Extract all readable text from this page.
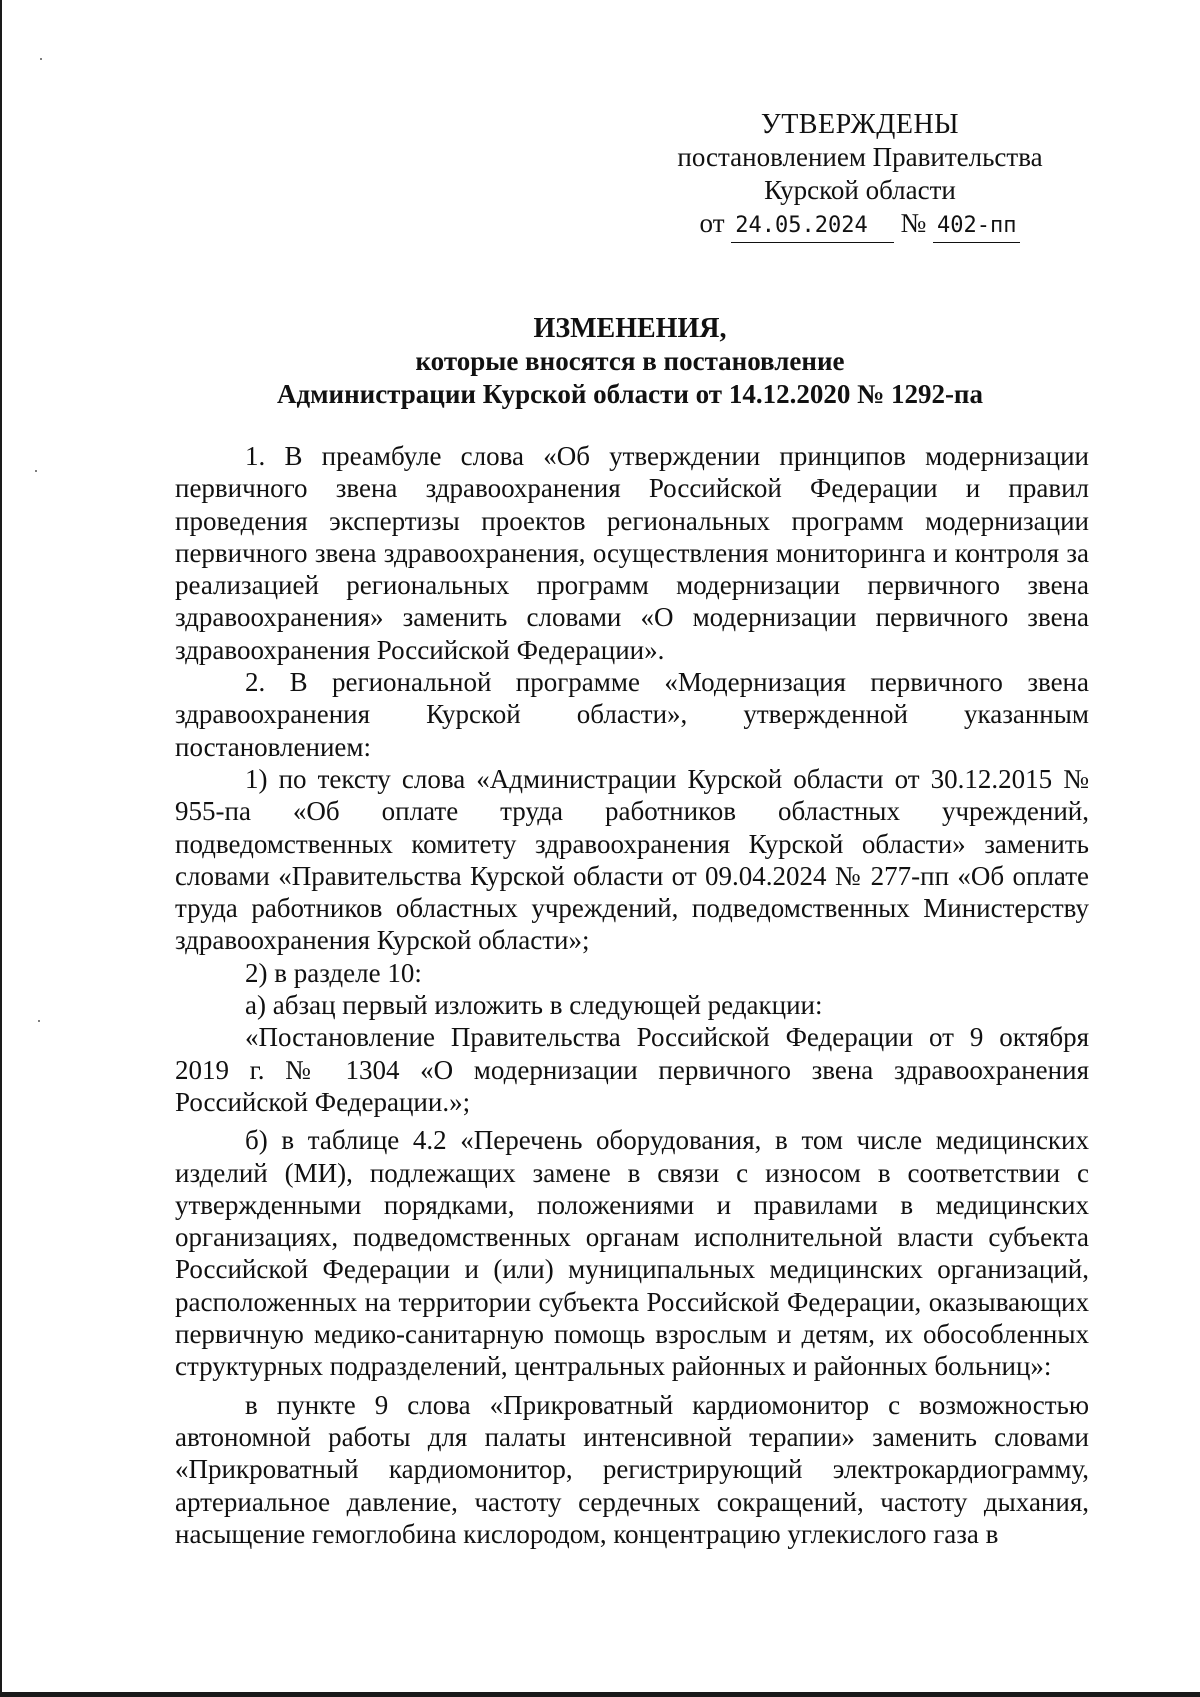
УТВЕРЖДЕНЫ
постановлением Правительства
Курской области
от 24.05.2024 № 402-пп
ИЗМЕНЕНИЯ,
которые вносятся в постановление
Администрации Курской области от 14.12.2020 № 1292-па

1. В преамбуле слова «Об утверждении принципов модернизации первичного звена здравоохранения Российской Федерации и правил проведения экспертизы проектов региональных программ модернизации первичного звена здравоохранения, осуществления мониторинга и контроля за реализацией региональных программ модернизации первичного звена здравоохранения» заменить словами «О модернизации первичного звена здравоохранения Российской Федерации».

2. В региональной программе «Модернизация первичного звена здравоохранения Курской области», утвержденной указанным постановлением:

1) по тексту слова «Администрации Курской области от 30.12.2015 № 955-па «Об оплате труда работников областных учреждений, подведомственных комитету здравоохранения Курской области» заменить словами «Правительства Курской области от 09.04.2024 № 277-пп «Об оплате труда работников областных учреждений, подведомственных Министерству здравоохранения Курской области»;

2) в разделе 10:

а) абзац первый изложить в следующей редакции:

«Постановление Правительства Российской Федерации от 9 октября 2019 г. № 1304 «О модернизации первичного звена здравоохранения Российской Федерации.»;

б) в таблице 4.2 «Перечень оборудования, в том числе медицинских изделий (МИ), подлежащих замене в связи с износом в соответствии с утвержденными порядками, положениями и правилами в медицинских организациях, подведомственных органам исполнительной власти субъекта Российской Федерации и (или) муниципальных медицинских организаций, расположенных на территории субъекта Российской Федерации, оказывающих первичную медико-санитарную помощь взрослым и детям, их обособленных структурных подразделений, центральных районных и районных больниц»:

в пункте 9 слова «Прикроватный кардиомонитор с возможностью автономной работы для палаты интенсивной терапии» заменить словами «Прикроватный кардиомонитор, регистрирующий электрокардиограмму, артериальное давление, частоту сердечных сокращений, частоту дыхания, насыщение гемоглобина кислородом, концентрацию углекислого газа в
